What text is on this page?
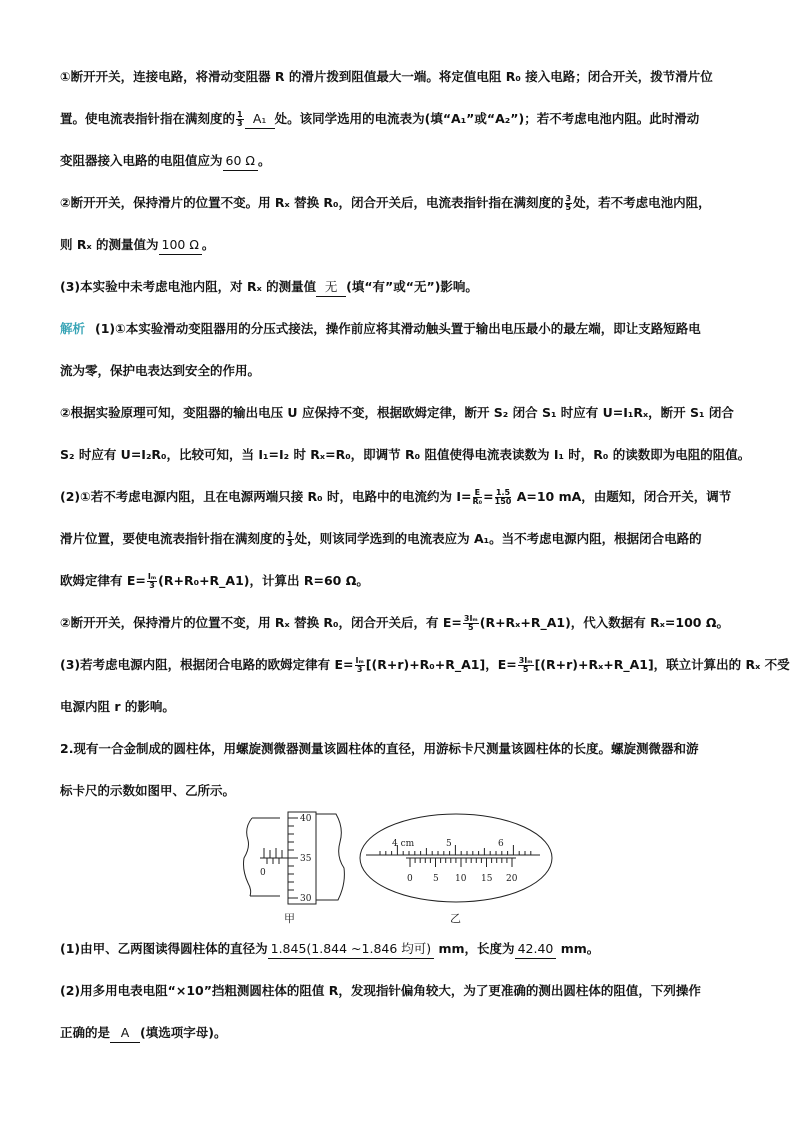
①断开开关，连接电路，将滑动变阻器 R 的滑片拨到阻值最大一端。将定值电阻 R₀ 接入电路；闭合开关，拨节滑片位
置。使电流表指针指在满刻度的 $\frac{1}{3} A_1$ 处。该同学选用的电流表为(填“A₁”或“A₂”)；若不考虑电池内阻。此时滑动
变阻器接入电路的电阻值应为 60 Ω 。
②断开开关，保持滑片的位置不变。用 Rₓ 替换 R₀，闭合开关后，电流表指针指在满刻度的 $\frac{3}{5}$ 处，若不考虑电池内阻，
则 Rₓ 的测量值为 100 Ω 。
(3)本实验中未考虑电池内阻，对 Rₓ 的测量值 无 (填“有”或“无”)影响。
解析 (1)①本实验滑动变阻器用的分压式接法，操作前应将其滑动触头置于输出电压最小的最左端，即让支路短路电
流为零，保护电表达到安全的作用。
②根据实验原理可知，变阻器的输出电压 U 应保持不变，根据欧姆定律，断开 S₂ 闭合 S₁ 时应有 U=I₁Rₓ，断开 S₁ 闭合
S₂ 时应有 U=I₂R₀，比较可知，当 I₁=I₂ 时 Rₓ=R₀，即调节 R₀ 阻值使得电流表读数为 I₁ 时，R₀ 的读数即为电阻的阻值。
(2)①若不考虑电源内阻，且在电源两端只接 R₀ 时，电路中的电流约为 $I= \frac{E}{\text{R₀}} = \frac{1.5}{150} A=10$ mA，由题知，闭合开关，调节
滑片位置，要使电流表指针指在满刻度的 $\frac{1}{3}$ 处，则该同学选到的电流表应为 A₁。当不考虑电源内阻，根据闭合电路的
欧姆定律有 $E= \frac{\text{Iₘ}}{3}$ (R+R₀+R_A1)，计算出 R=60 Ω。
②断开开关，保持滑片的位置不变，用 Rₓ 替换 R₀，闭合开关后，有 $E= \frac{\text{3Iₘ}}{5}$ (R+Rₓ+R_A1)，代入数据有 Rₓ=100 Ω。
(3)若考虑电源内阻，根据闭合电路的欧姆定律有 $E= \frac{\text{Iₘ}}{3}$ [(R+r)+R₀+R_A1]，$E= \frac{\text{3Iₘ}}{5}$ [(R+r)+Rₓ+R_A1]，联立计算出的 Rₓ 不受
电源内阻 r 的影响。
2.现有一合金制成的圆柱体，用螺旋测微器测量该圆柱体的直径，用游标卡尺测量该圆柱体的长度。螺旋测微器和游
标卡尺的示数如图甲、乙所示。
(1)由甲、乙两图读得圆柱体的直径为 1.845(1.844 ~1.846 均可) mm，长度为 42.40 mm。
(2)用多用电表电阻“×10”挡粗测圆柱体的阻值 R，发现指针偏角较大，为了更准确的测出圆柱体的阻值，下列操作
正确的是 A (填选项字母)。
40
35
30
0
甲
4 cm	5	6
0 5 10 15 20
乙
